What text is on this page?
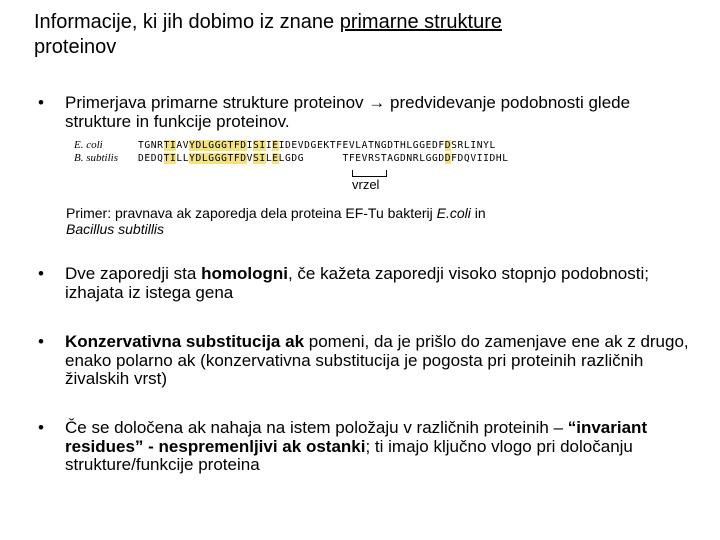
Informacije, ki jih dobimo iz znane primarne strukture
proteinov
• Primerjava primarne strukture proteinov → predvidevanje podobnosti glede strukture in funkcije proteinov.
E. coli	TGNRTIAVYDLGGGTFDISIIEIDEVDGEKTFEVLATNGDTHLGGEDFDSRLINYL
B. subtilis	DEDQTILLYDLGGGTFDVSILELGDG	TFEVRSTAGDNRLGGDDFDQVIIDHL
vrzel
Primer: pravnava ak zaporedja dela proteina EF-Tu bakterij E.coli in
Bacillus subtillis
• Dve zaporedji sta homologni, če kažeta zaporedji visoko stopnjo podobnosti; izhajata iz istega gena
• Konzervativna substitucija ak pomeni, da je prišlo do zamenjave ene ak z drugo, enako polarno ak (konzervativna substitucija je pogosta pri proteinih različnih živalskih vrst)
• Če se določena ak nahaja na istem položaju v različnih proteinih – “invariant residues” - nespremenljivi ak ostanki; ti imajo ključno vlogo pri določanju strukture/funkcije proteina
